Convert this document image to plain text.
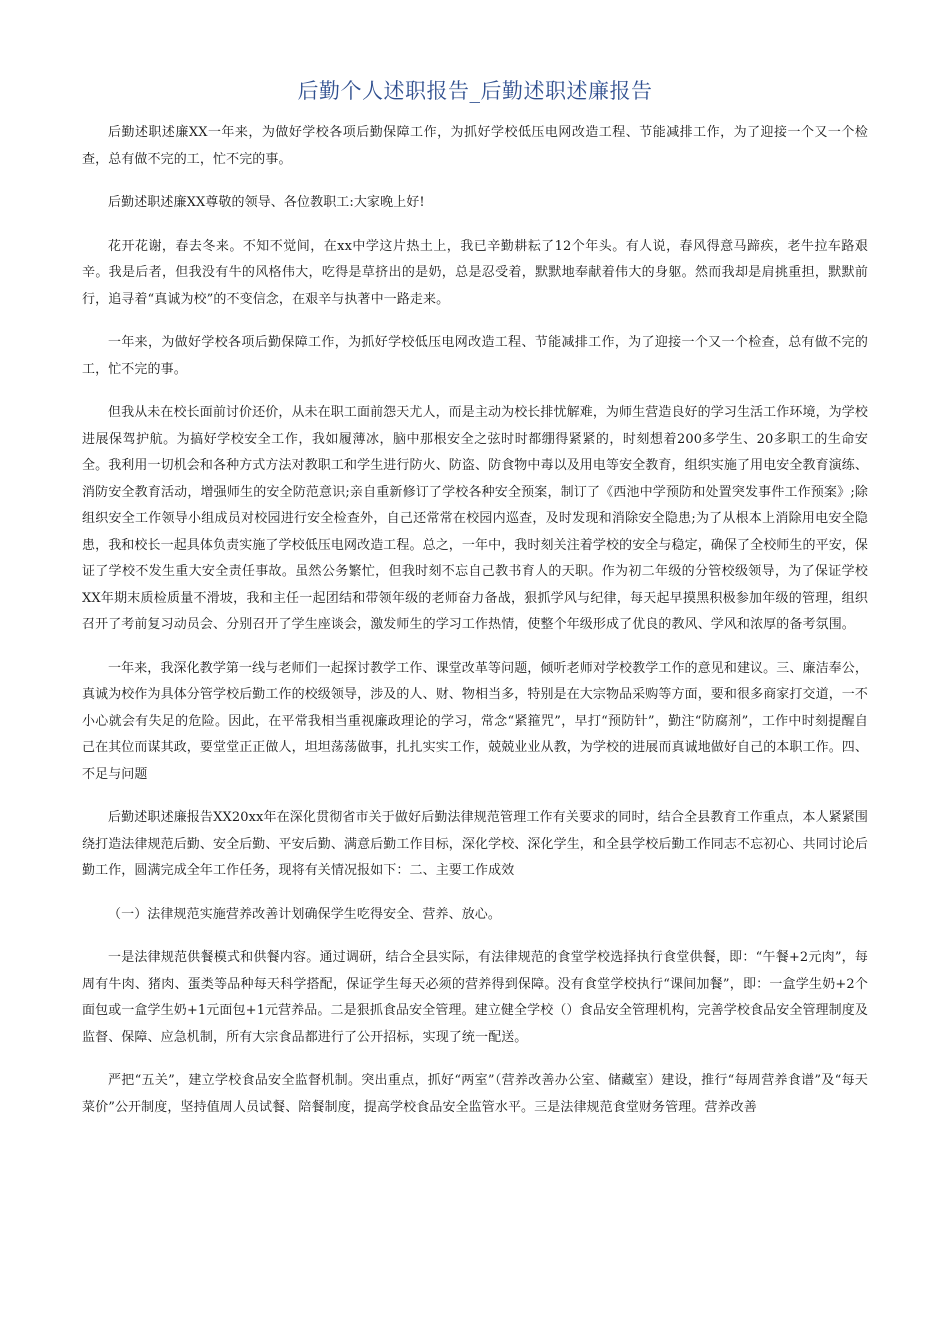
后勤个人述职报告_后勤述职述廉报告

后勤述职述廉XX一年来，为做好学校各项后勤保障工作，为抓好学校低压电网改造工程、节能减排工作，为了迎接一个又一个检查，总有做不完的工，忙不完的事。

后勤述职述廉XX尊敬的领导、各位教职工:大家晚上好!

花开花谢，春去冬来。不知不觉间，在xx中学这片热土上，我已辛勤耕耘了12个年头。有人说，春风得意马蹄疾，老牛拉车路艰辛。我是后者，但我没有牛的风格伟大，吃得是草挤出的是奶，总是忍受着，默默地奉献着伟大的身躯。然而我却是肩挑重担，默默前行，追寻着“真诚为校”的不变信念，在艰辛与执著中一路走来。

一年来，为做好学校各项后勤保障工作，为抓好学校低压电网改造工程、节能减排工作，为了迎接一个又一个检查，总有做不完的工，忙不完的事。

但我从未在校长面前讨价还价，从未在职工面前怨天尤人，而是主动为校长排忧解难，为师生营造良好的学习生活工作环境，为学校进展保驾护航。为搞好学校安全工作，我如履薄冰，脑中那根安全之弦时时都绷得紧紧的，时刻想着200多学生、20多职工的生命安全。我利用一切机会和各种方式方法对教职工和学生进行防火、防盗、防食物中毒以及用电等安全教育，组织实施了用电安全教育演练、消防安全教育活动，增强师生的安全防范意识;亲自重新修订了学校各种安全预案，制订了《西池中学预防和处置突发事件工作预案》;除组织安全工作领导小组成员对校园进行安全检查外，自己还常常在校园内巡查，及时发现和消除安全隐患;为了从根本上消除用电安全隐患，我和校长一起具体负责实施了学校低压电网改造工程。总之，一年中，我时刻关注着学校的安全与稳定，确保了全校师生的平安，保证了学校不发生重大安全责任事故。虽然公务繁忙，但我时刻不忘自己教书育人的天职。作为初二年级的分管校级领导，为了保证学校XX年期末质检质量不滑坡，我和主任一起团结和带领年级的老师奋力备战，狠抓学风与纪律，每天起早摸黑积极参加年级的管理，组织召开了考前复习动员会、分别召开了学生座谈会，激发师生的学习工作热情，使整个年级形成了优良的教风、学风和浓厚的备考氛围。

一年来，我深化教学第一线与老师们一起探讨教学工作、课堂改革等问题，倾听老师对学校教学工作的意见和建议。三、廉洁奉公，真诚为校作为具体分管学校后勤工作的校级领导，涉及的人、财、物相当多，特别是在大宗物品采购等方面，要和很多商家打交道，一不小心就会有失足的危险。因此，在平常我相当重视廉政理论的学习，常念“紧箍咒”，早打“预防针”，勤注“防腐剂”，工作中时刻提醒自己在其位而谋其政，要堂堂正正做人，坦坦荡荡做事，扎扎实实工作，兢兢业业从教，为学校的进展而真诚地做好自己的本职工作。四、不足与问题

后勤述职述廉报告XX20xx年在深化贯彻省市关于做好后勤法律规范管理工作有关要求的同时，结合全县教育工作重点，本人紧紧围绕打造法律规范后勤、安全后勤、平安后勤、满意后勤工作目标，深化学校、深化学生，和全县学校后勤工作同志不忘初心、共同讨论后勤工作，圆满完成全年工作任务，现将有关情况报如下：二、主要工作成效

（一）法律规范实施营养改善计划确保学生吃得安全、营养、放心。

一是法律规范供餐模式和供餐内容。通过调研，结合全县实际，有法律规范的食堂学校选择执行食堂供餐，即：“午餐+2元肉”，每周有牛肉、猪肉、蛋类等品种每天科学搭配，保证学生每天必须的营养得到保障。没有食堂学校执行“课间加餐”，即：一盒学生奶+2个面包或一盒学生奶+1元面包+1元营养品。二是狠抓食品安全管理。建立健全学校（）食品安全管理机构，完善学校食品安全管理制度及监督、保障、应急机制，所有大宗食品都进行了公开招标，实现了统一配送。

严把“五关”，建立学校食品安全监督机制。突出重点，抓好“两室”（营养改善办公室、储藏室）建设，推行“每周营养食谱”及“每天菜价”公开制度，坚持值周人员试餐、陪餐制度，提高学校食品安全监管水平。三是法律规范食堂财务管理。营养改善
